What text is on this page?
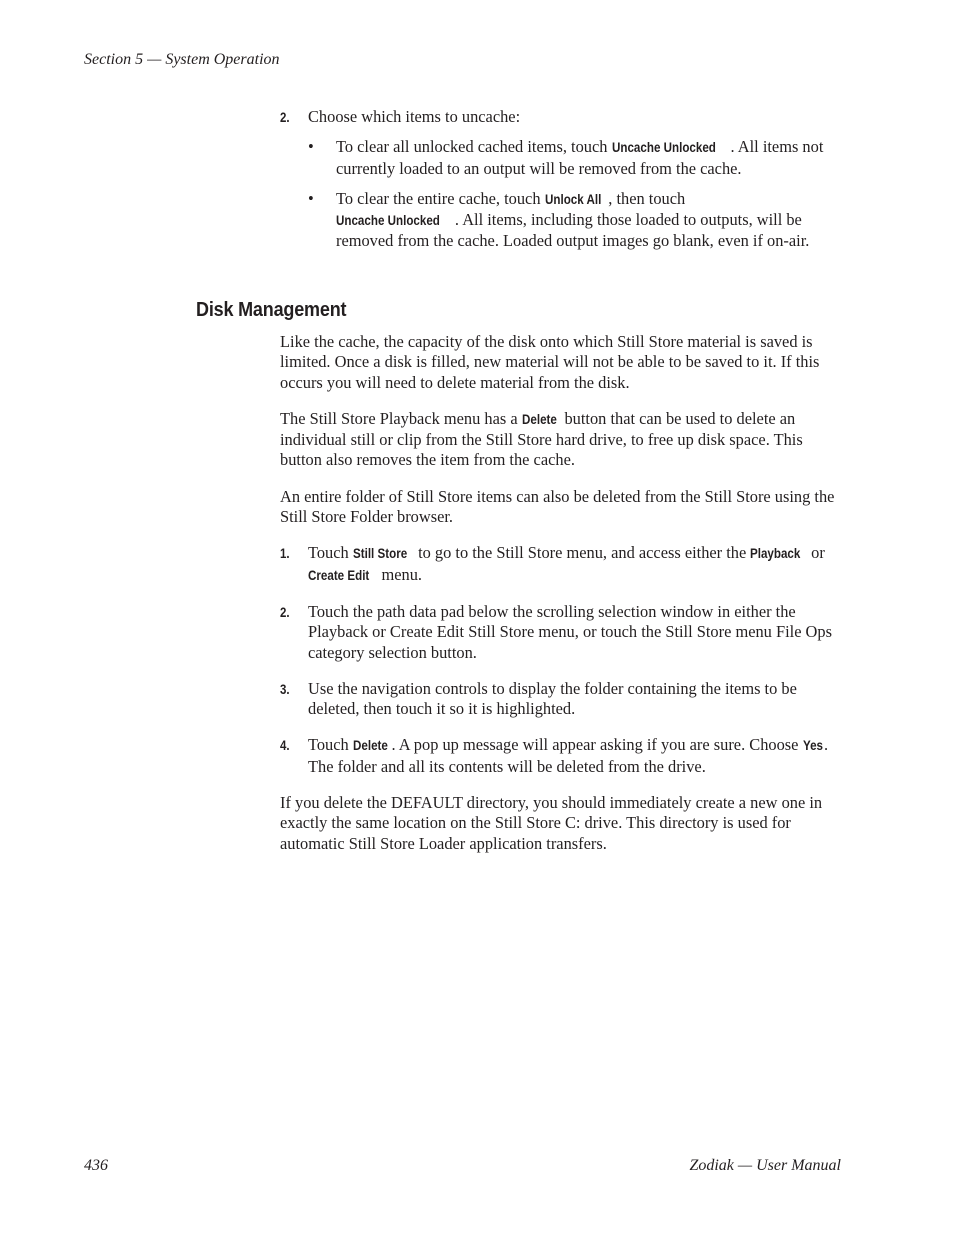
Section 5 — System Operation

2. Choose which items to uncache:

• To clear all unlocked cached items, touch Uncache Unlocked . All items not currently loaded to an output will be removed from the cache.

• To clear the entire cache, touch Unlock All , then touch
Uncache Unlocked . All items, including those loaded to outputs, will be removed from the cache. Loaded output images go blank, even if on-air.

Disk Management

Like the cache, the capacity of the disk onto which Still Store material is saved is limited. Once a disk is filled, new material will not be able to be saved to it. If this occurs you will need to delete material from the disk.

The Still Store Playback menu has a Delete button that can be used to delete an individual still or clip from the Still Store hard drive, to free up disk space. This button also removes the item from the cache.

An entire folder of Still Store items can also be deleted from the Still Store using the Still Store Folder browser.

1. Touch Still Store to go to the Still Store menu, and access either the Playback or Create Edit menu.

2. Touch the path data pad below the scrolling selection window in either the Playback or Create Edit Still Store menu, or touch the Still Store menu File Ops category selection button.

3. Use the navigation controls to display the folder containing the items to be deleted, then touch it so it is highlighted.

4. Touch Delete . A pop up message will appear asking if you are sure. Choose Yes. The folder and all its contents will be deleted from the drive.

If you delete the DEFAULT directory, you should immediately create a new one in exactly the same location on the Still Store C: drive. This directory is used for automatic Still Store Loader application transfers.

436	Zodiak — User Manual
